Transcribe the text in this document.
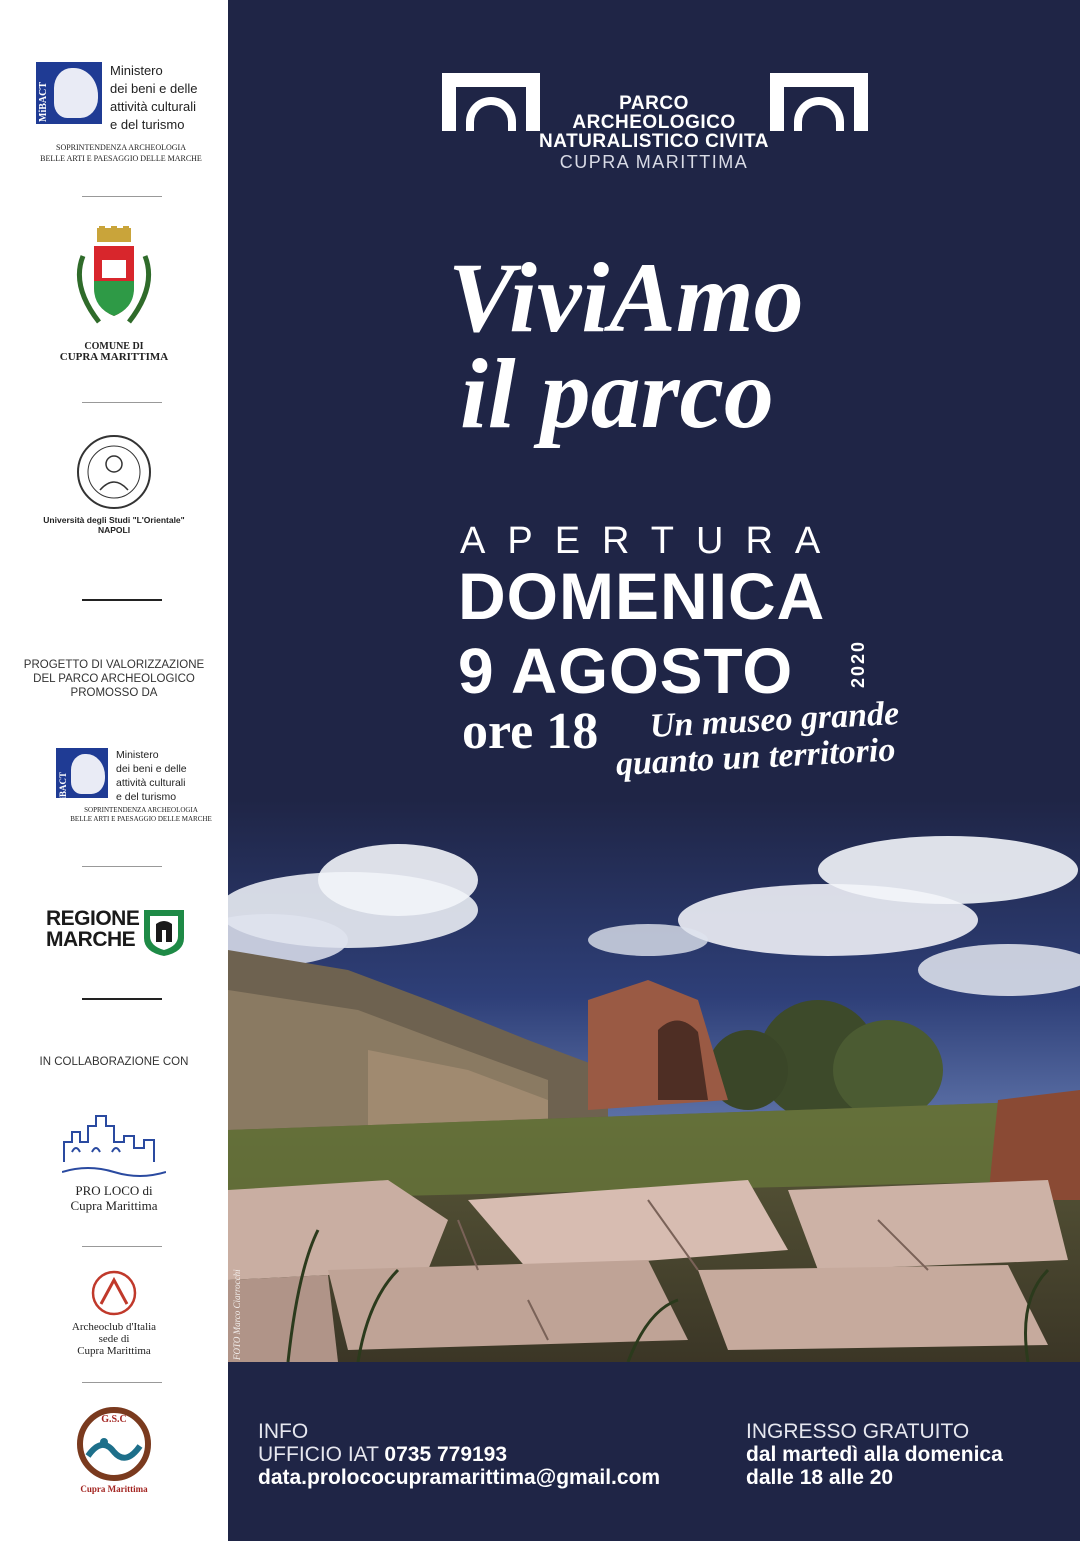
MiBACT
Ministero
dei beni e delle
attività culturali
e del turismo
SOPRINTENDENZA ARCHEOLOGIA
BELLE ARTI E PAESAGGIO DELLE MARCHE
COMUNE DI
CUPRA MARITTIMA
Università degli Studi "L'Orientale"
NAPOLI
PROGETTO DI VALORIZZAZIONE
DEL PARCO ARCHEOLOGICO
PROMOSSO DA
MiBACT
Ministero
dei beni e delle
attività culturali
e del turismo
SOPRINTENDENZA ARCHEOLOGIA
BELLE ARTI E PAESAGGIO DELLE MARCHE
REGIONE
MARCHE
IN COLLABORAZIONE CON
PRO LOCO di
Cupra Marittima
Archeoclub d'Italia
sede di
Cupra Marittima
G.S.C
Cupra Marittima
PARCO
ARCHEOLOGICO
NATURALISTICO CIVITA
CUPRA MARITTIMA
ViviAmo
il parco
APERTURA
DOMENICA
9 AGOSTO	2020
ore 18 Un museo grande
quanto un territorio
FOTO Marco Ciarrocchi
INFO
UFFICIO IAT 0735 779193
data.prolococupramarittima@gmail.com
INGRESSO GRATUITO
dal martedì alla domenica
dalle 18 alle 20
